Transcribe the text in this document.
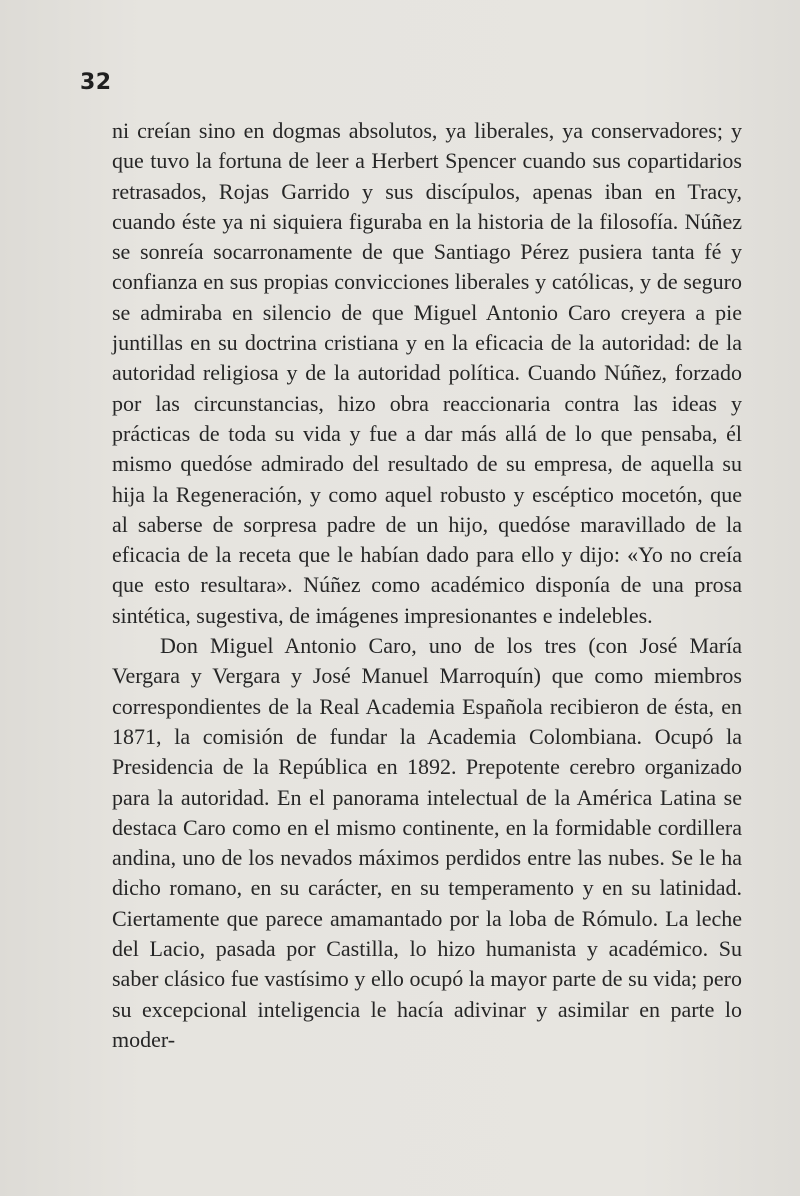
32

ni creían sino en dogmas absolutos, ya liberales, ya conservadores; y que tuvo la fortuna de leer a Herbert Spencer cuando sus copartidarios retrasados, Rojas Garrido y sus discípulos, apenas iban en Tracy, cuando éste ya ni siquiera figuraba en la historia de la filosofía. Núñez se sonreía socarronamente de que Santiago Pérez pusiera tanta fé y confianza en sus propias convicciones liberales y católicas, y de seguro se admiraba en silencio de que Miguel Antonio Caro creyera a pie juntillas en su doctrina cristiana y en la eficacia de la autoridad: de la autoridad religiosa y de la autoridad política. Cuando Núñez, forzado por las circunstancias, hizo obra reaccionaria contra las ideas y prácticas de toda su vida y fue a dar más allá de lo que pensaba, él mismo quedóse admirado del resultado de su empresa, de aquella su hija la Regeneración, y como aquel robusto y escéptico mocetón, que al saberse de sorpresa padre de un hijo, quedóse maravillado de la eficacia de la receta que le habían dado para ello y dijo: «Yo no creía que esto resultara». Núñez como académico disponía de una prosa sintética, sugestiva, de imágenes impresionantes e indelebles.

Don Miguel Antonio Caro, uno de los tres (con José María Vergara y Vergara y José Manuel Marroquín) que como miembros correspondientes de la Real Academia Española recibieron de ésta, en 1871, la comisión de fundar la Academia Colombiana. Ocupó la Presidencia de la República en 1892. Prepotente cerebro organizado para la autoridad. En el panorama intelectual de la América Latina se destaca Caro como en el mismo continente, en la formidable cordillera andina, uno de los nevados máximos perdidos entre las nubes. Se le ha dicho romano, en su carácter, en su temperamento y en su latinidad. Ciertamente que parece amamantado por la loba de Rómulo. La leche del Lacio, pasada por Castilla, lo hizo humanista y académico. Su saber clásico fue vastísimo y ello ocupó la mayor parte de su vida; pero su excepcional inteligencia le hacía adivinar y asimilar en parte lo moder-
